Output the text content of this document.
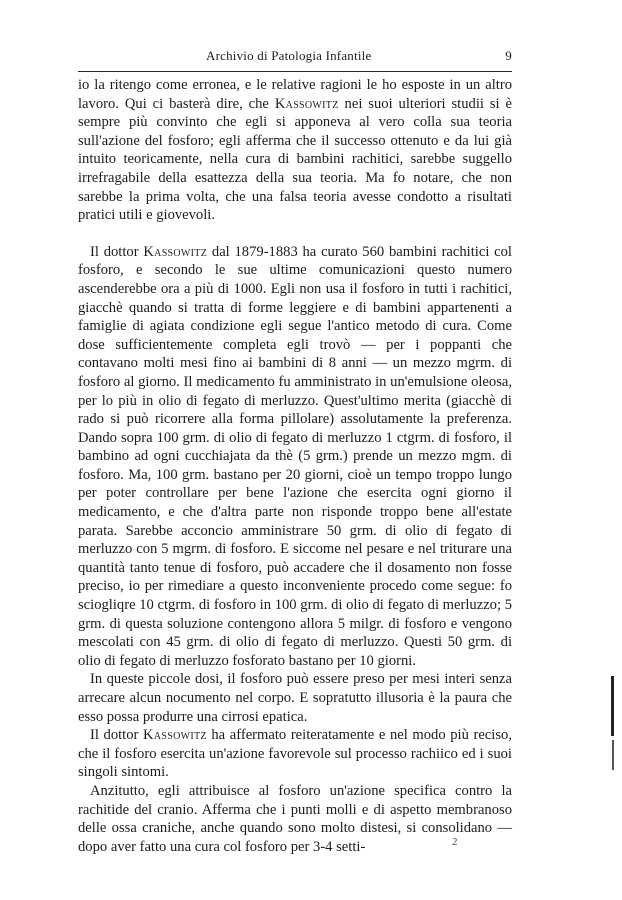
Archivio di Patologia Infantile	9

io la ritengo come erronea, e le relative ragioni le ho esposte in un altro lavoro. Qui ci basterà dire, che Kassowitz nei suoi ulteriori studii si è sempre più convinto che egli si apponeva al vero colla sua teoria sull'azione del fosforo; egli afferma che il successo ottenuto e da lui già intuito teoricamente, nella cura di bambini rachitici, sarebbe suggello irrefragabile della esattezza della sua teoria. Ma fo notare, che non sarebbe la prima volta, che una falsa teoria avesse condotto a risultati pratici utili e giovevoli.

Il dottor Kassowitz dal 1879-1883 ha curato 560 bambini rachitici col fosforo, e secondo le sue ultime comunicazioni questo numero ascenderebbe ora a più di 1000. Egli non usa il fosforo in tutti i rachitici, giacchè quando si tratta di forme leggiere e di bambini appartenenti a famiglie di agiata condizione egli segue l'antico metodo di cura. Come dose sufficientemente completa egli trovò — per i poppanti che contavano molti mesi fino ai bambini di 8 anni — un mezzo mgrm. di fosforo al giorno. Il medicamento fu amministrato in un'emulsione oleosa, per lo più in olio di fegato di merluzzo. Quest'ultimo merita (giacchè di rado si può ricorrere alla forma pillolare) assolutamente la preferenza. Dando sopra 100 grm. di olio di fegato di merluzzo 1 ctgrm. di fosforo, il bambino ad ogni cucchiajata da thè (5 grm.) prende un mezzo mgm. di fosforo. Ma, 100 grm. bastano per 20 giorni, cioè un tempo troppo lungo per poter controllare per bene l'azione che esercita ogni giorno il medicamento, e che d'altra parte non risponde troppo bene all'estate parata. Sarebbe acconcio amministrare 50 grm. di olio di fegato di merluzzo con 5 mgrm. di fosforo. E siccome nel pesare e nel triturare una quantità tanto tenue di fosforo, può accadere che il dosamento non fosse preciso, io per rimediare a questo inconveniente procedo come segue: fo sciogliqre 10 ctgrm. di fosforo in 100 grm. di olio di fegato di merluzzo; 5 grm. di questa soluzione contengono allora 5 milgr. di fosforo e vengono mescolati con 45 grm. di olio di fegato di merluzzo. Questi 50 grm. di olio di fegato di merluzzo fosforato bastano per 10 giorni.

In queste piccole dosi, il fosforo può essere preso per mesi interi senza arrecare alcun nocumento nel corpo. E sopratutto illusoria è la paura che esso possa produrre una cirrosi epatica.

Il dottor Kassowitz ha affermato reiteratamente e nel modo più reciso, che il fosforo esercita un'azione favorevole sul processo rachiico ed i suoi singoli sintomi.

Anzitutto, egli attribuisce al fosforo un'azione specifica contro la rachitide del cranio. Afferma che i punti molli e di aspetto membranoso delle ossa craniche, anche quando sono molto distesi, si consolidano — dopo aver fatto una cura col fosforo per 3-4 setti-	2
